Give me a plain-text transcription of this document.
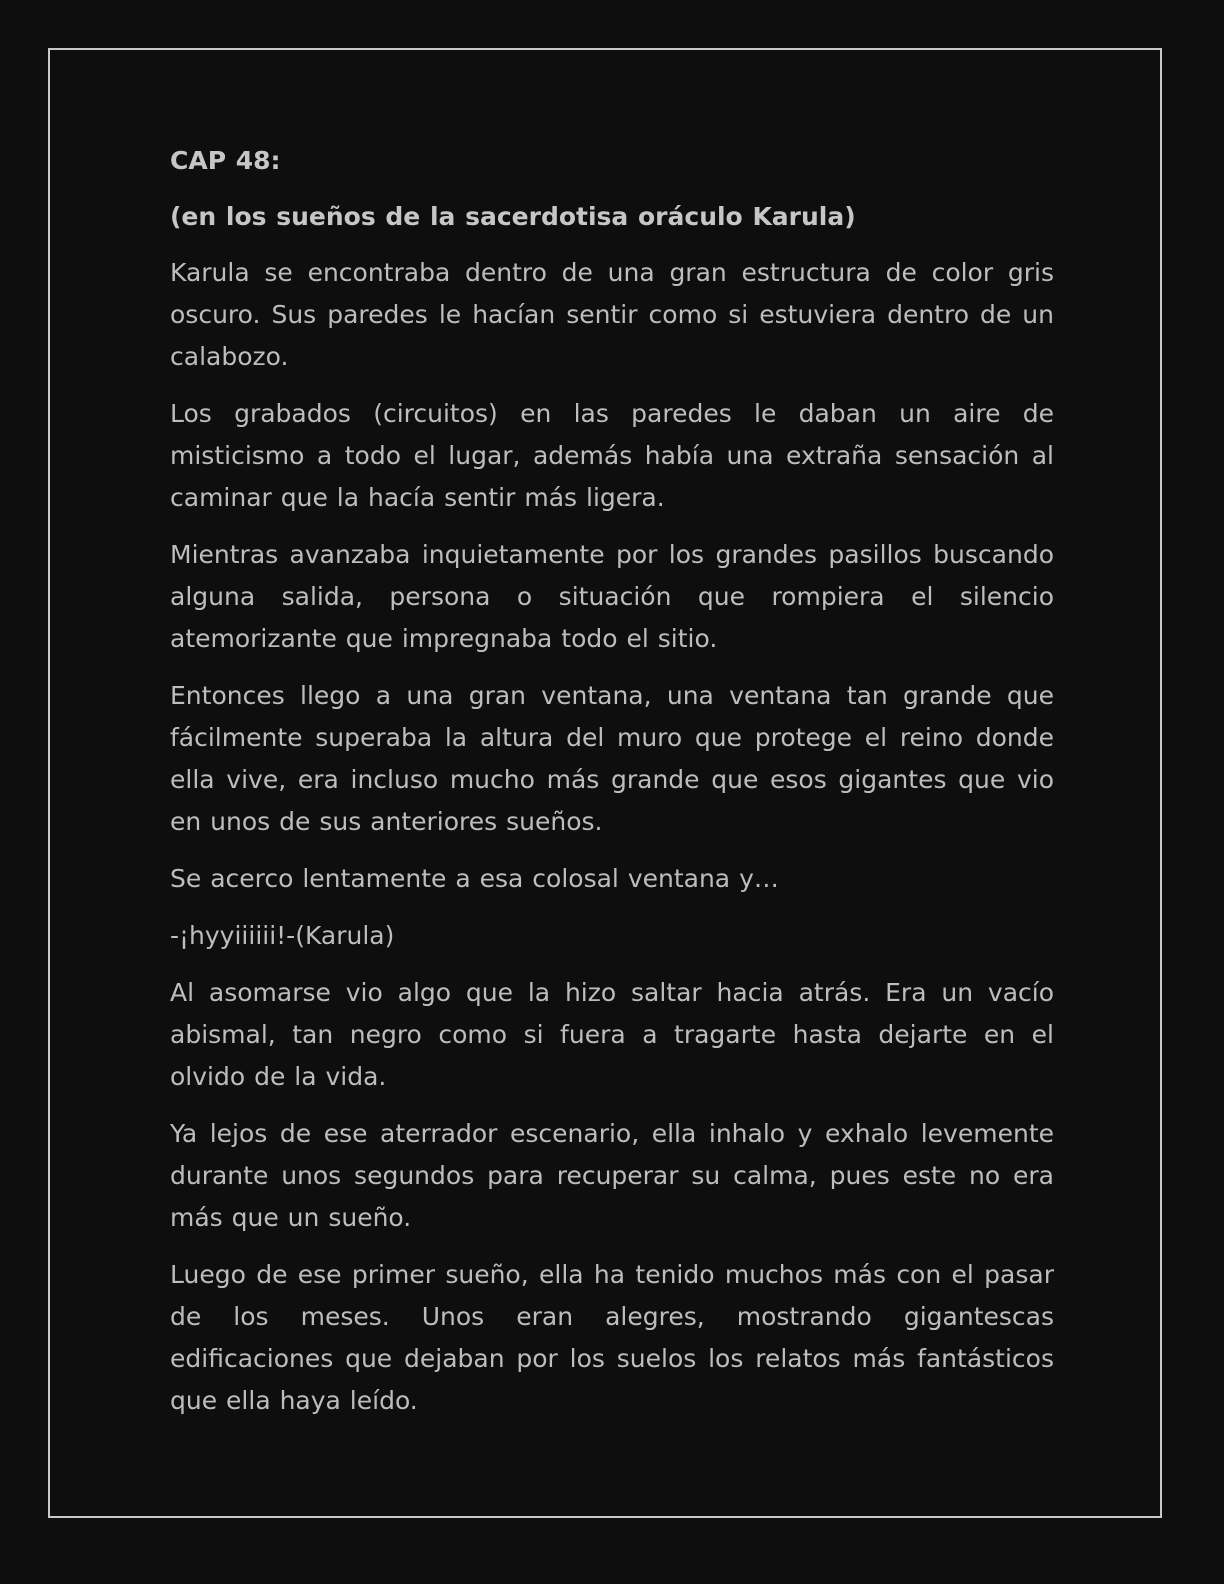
CAP 48:
(en los sueños de la sacerdotisa oráculo Karula)

Karula se encontraba dentro de una gran estructura de color gris oscuro. Sus paredes le hacían sentir como si estuviera dentro de un calabozo.

Los grabados (circuitos) en las paredes le daban un aire de misticismo a todo el lugar, además había una extraña sensación al caminar que la hacía sentir más ligera.

Mientras avanzaba inquietamente por los grandes pasillos buscando alguna salida, persona o situación que rompiera el silencio atemorizante que impregnaba todo el sitio.

Entonces llego a una gran ventana, una ventana tan grande que fácilmente superaba la altura del muro que protege el reino donde ella vive, era incluso mucho más grande que esos gigantes que vio en unos de sus anteriores sueños.

Se acerco lentamente a esa colosal ventana y…

-¡hyyiiiiii!-(Karula)

Al asomarse vio algo que la hizo saltar hacia atrás. Era un vacío abismal, tan negro como si fuera a tragarte hasta dejarte en el olvido de la vida.

Ya lejos de ese aterrador escenario, ella inhalo y exhalo levemente durante unos segundos para recuperar su calma, pues este no era más que un sueño.

Luego de ese primer sueño, ella ha tenido muchos más con el pasar de los meses. Unos eran alegres, mostrando gigantescas edificaciones que dejaban por los suelos los relatos más fantásticos que ella haya leído.
